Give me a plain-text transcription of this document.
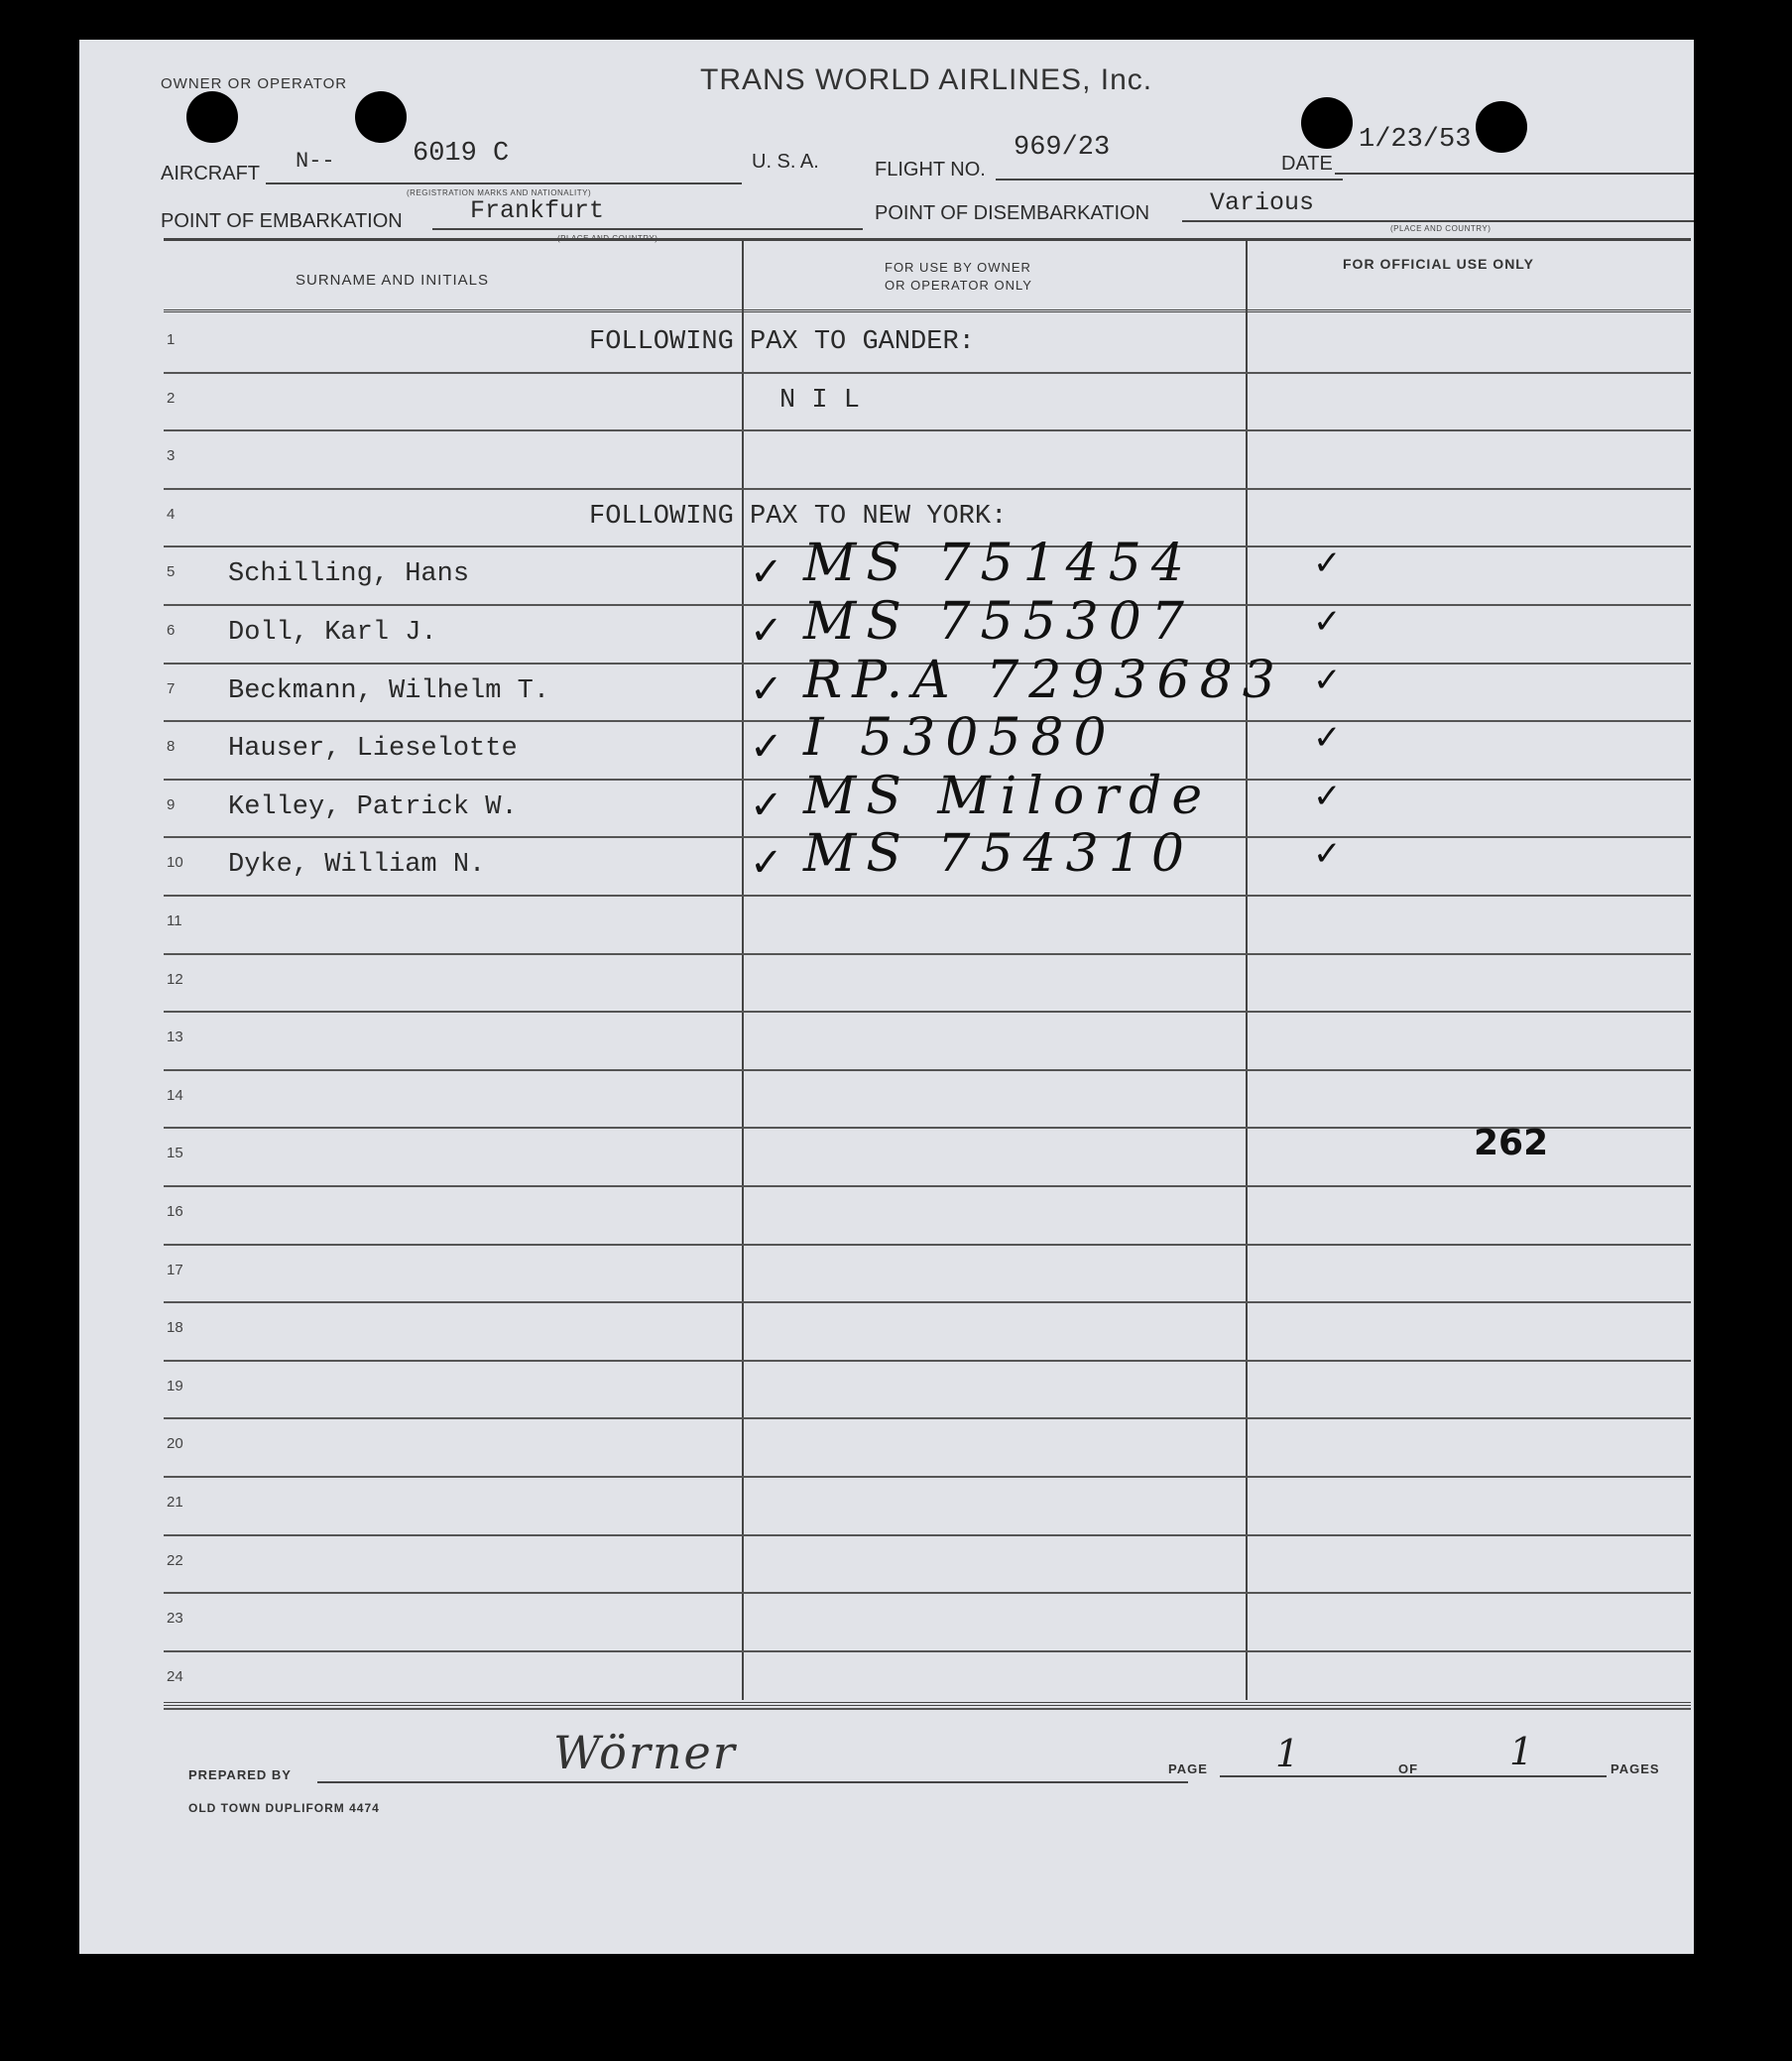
OWNER OR OPERATOR	TRANS WORLD AIRLINES, Inc.
AIRCRAFT N--	6019 C
(REGISTRATION MARKS AND NATIONALITY)
U. S. A.	FLIGHT NO.
969/23
DATE
1/23/53
POINT OF EMBARKATION	Frankfurt
(PLACE AND COUNTRY)
POINT OF DISEMBARKATION Various
(PLACE AND COUNTRY)
SURNAME AND INITIALS
FOR USE BY OWNER
OR OPERATOR ONLY
FOR OFFICIAL USE ONLY
1	FOLLOWING PAX TO GANDER:
2	N I L
3
4	FOLLOWING PAX TO NEW YORK:
5 Schilling, Hans	✓ MS 751454	✓
6 Doll, Karl J.	✓ MS 755307	✓
7 Beckmann, Wilhelm T.	✓ RP.A 7293683 ✓
8 Hauser, Lieselotte	✓ I 530580	✓
9 Kelley, Patrick W.	✓ MS Milorde	✓
10 Dyke, William N.	✓ MS 754310	✓
11
12
13
14
15
16
17
18
19
20
21
22
23
24
262
PREPARED BY	Wörner
OLD TOWN DUPLIFORM 4474
PAGE 1	OF 1	PAGES
